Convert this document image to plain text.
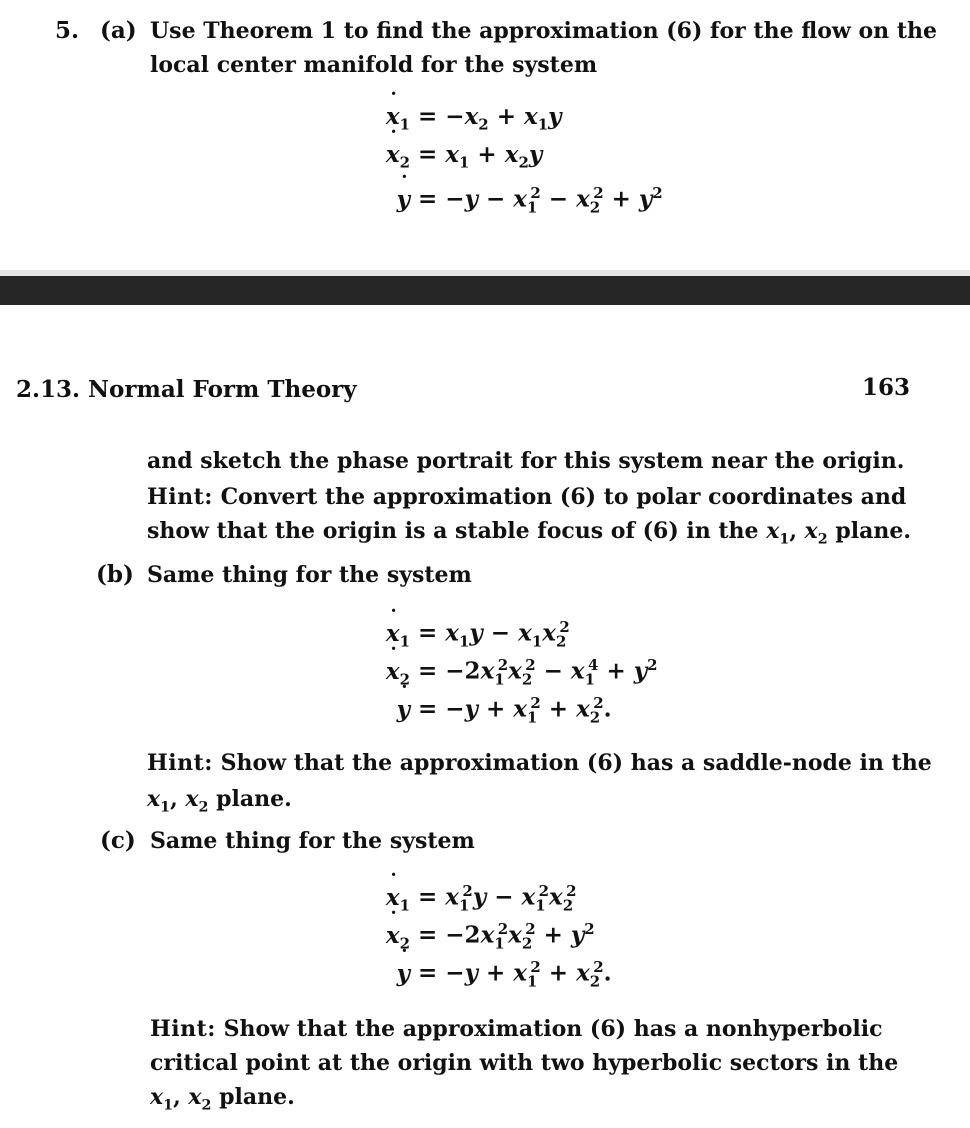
5. (a) Use Theorem 1 to find the approximation (6) for the flow on the
local center manifold for the system
x $˙_1 = -x_2 + x_1y$
x $˙_2 = x_1 + x_2y$
y ˙ = $-y - x_1^2 - x_2^2 + y^2$
2.13. Normal Form Theory	163
and sketch the phase portrait for this system near the origin.
Hint: Convert the approximation (6) to polar coordinates and
show that the origin is a stable focus of (6) in the $x_1$, $x_2$ plane.
(b) Same thing for the system
x $˙_1 = x_1y - x_1x_2^2$
x $˙_2 = -2x_1^2x_2^2 - x_1^4 + y^2$
y ˙ = $-y + x_1^2 + x_2^2$.
Hint: Show that the approximation (6) has a saddle-node in the
$x_1$, $x_2$ plane.
(c) Same thing for the system
x $˙_1 = x_1^2y - x_1^2x_2^2$
x $˙_2 = -2x_1^2x_2^2 + y^2$
y ˙ = $-y + x_1^2 + x_2^2$.
Hint: Show that the approximation (6) has a nonhyperbolic
critical point at the origin with two hyperbolic sectors in the
$x_1$, $x_2$ plane.
